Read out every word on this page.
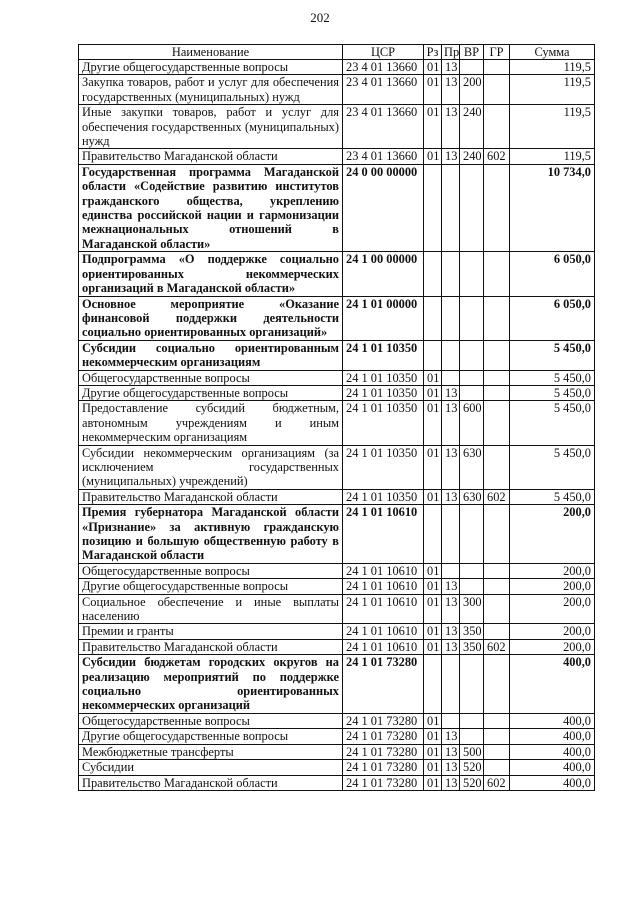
202
Наименование	ЦСР	Рз	Пр	ВР	ГР	Сумма
Другие общегосударственные вопросы	23 4 01 13660	01	13			119,5
Закупка товаров, работ и услуг для обеспечения государственных (муниципальных) нужд	23 4 01 13660	01	13	200		119,5
Иные закупки товаров, работ и услуг для обеспечения государственных (муниципальных) нужд	23 4 01 13660	01	13	240		119,5
Правительство Магаданской области	23 4 01 13660	01	13	240	602	119,5
Государственная программа Магаданской области «Содействие развитию институтов гражданского общества, укреплению единства российской нации и гармонизации межнациональных отношений в Магаданской области»	24 0 00 00000					10 734,0
Подпрограмма «О поддержке социально ориентированных некоммерческих организаций в Магаданской области»	24 1 00 00000					6 050,0
Основное мероприятие «Оказание финансовой поддержки деятельности социально ориентированных организаций»	24 1 01 00000					6 050,0
Субсидии социально ориентированным некоммерческим организациям	24 1 01 10350					5 450,0
Общегосударственные вопросы	24 1 01 10350	01				5 450,0
Другие общегосударственные вопросы	24 1 01 10350	01	13			5 450,0
Предоставление субсидий бюджетным, автономным учреждениям и иным некоммерческим организациям	24 1 01 10350	01	13	600		5 450,0
Субсидии некоммерческим организациям (за исключением государственных (муниципальных) учреждений)	24 1 01 10350	01	13	630		5 450,0
Правительство Магаданской области	24 1 01 10350	01	13	630	602	5 450,0
Премия губернатора Магаданской области «Признание» за активную гражданскую позицию и большую общественную работу в Магаданской области	24 1 01 10610					200,0
Общегосударственные вопросы	24 1 01 10610	01				200,0
Другие общегосударственные вопросы	24 1 01 10610	01	13			200,0
Социальное обеспечение и иные выплаты населению	24 1 01 10610	01	13	300		200,0
Премии и гранты	24 1 01 10610	01	13	350		200,0
Правительство Магаданской области	24 1 01 10610	01	13	350	602	200,0
Субсидии бюджетам городских округов на реализацию мероприятий по поддержке социально ориентированных некоммерческих организаций	24 1 01 73280					400,0
Общегосударственные вопросы	24 1 01 73280	01				400,0
Другие общегосударственные вопросы	24 1 01 73280	01	13			400,0
Межбюджетные трансферты	24 1 01 73280	01	13	500		400,0
Субсидии	24 1 01 73280	01	13	520		400,0
Правительство Магаданской области	24 1 01 73280	01	13	520	602	400,0
